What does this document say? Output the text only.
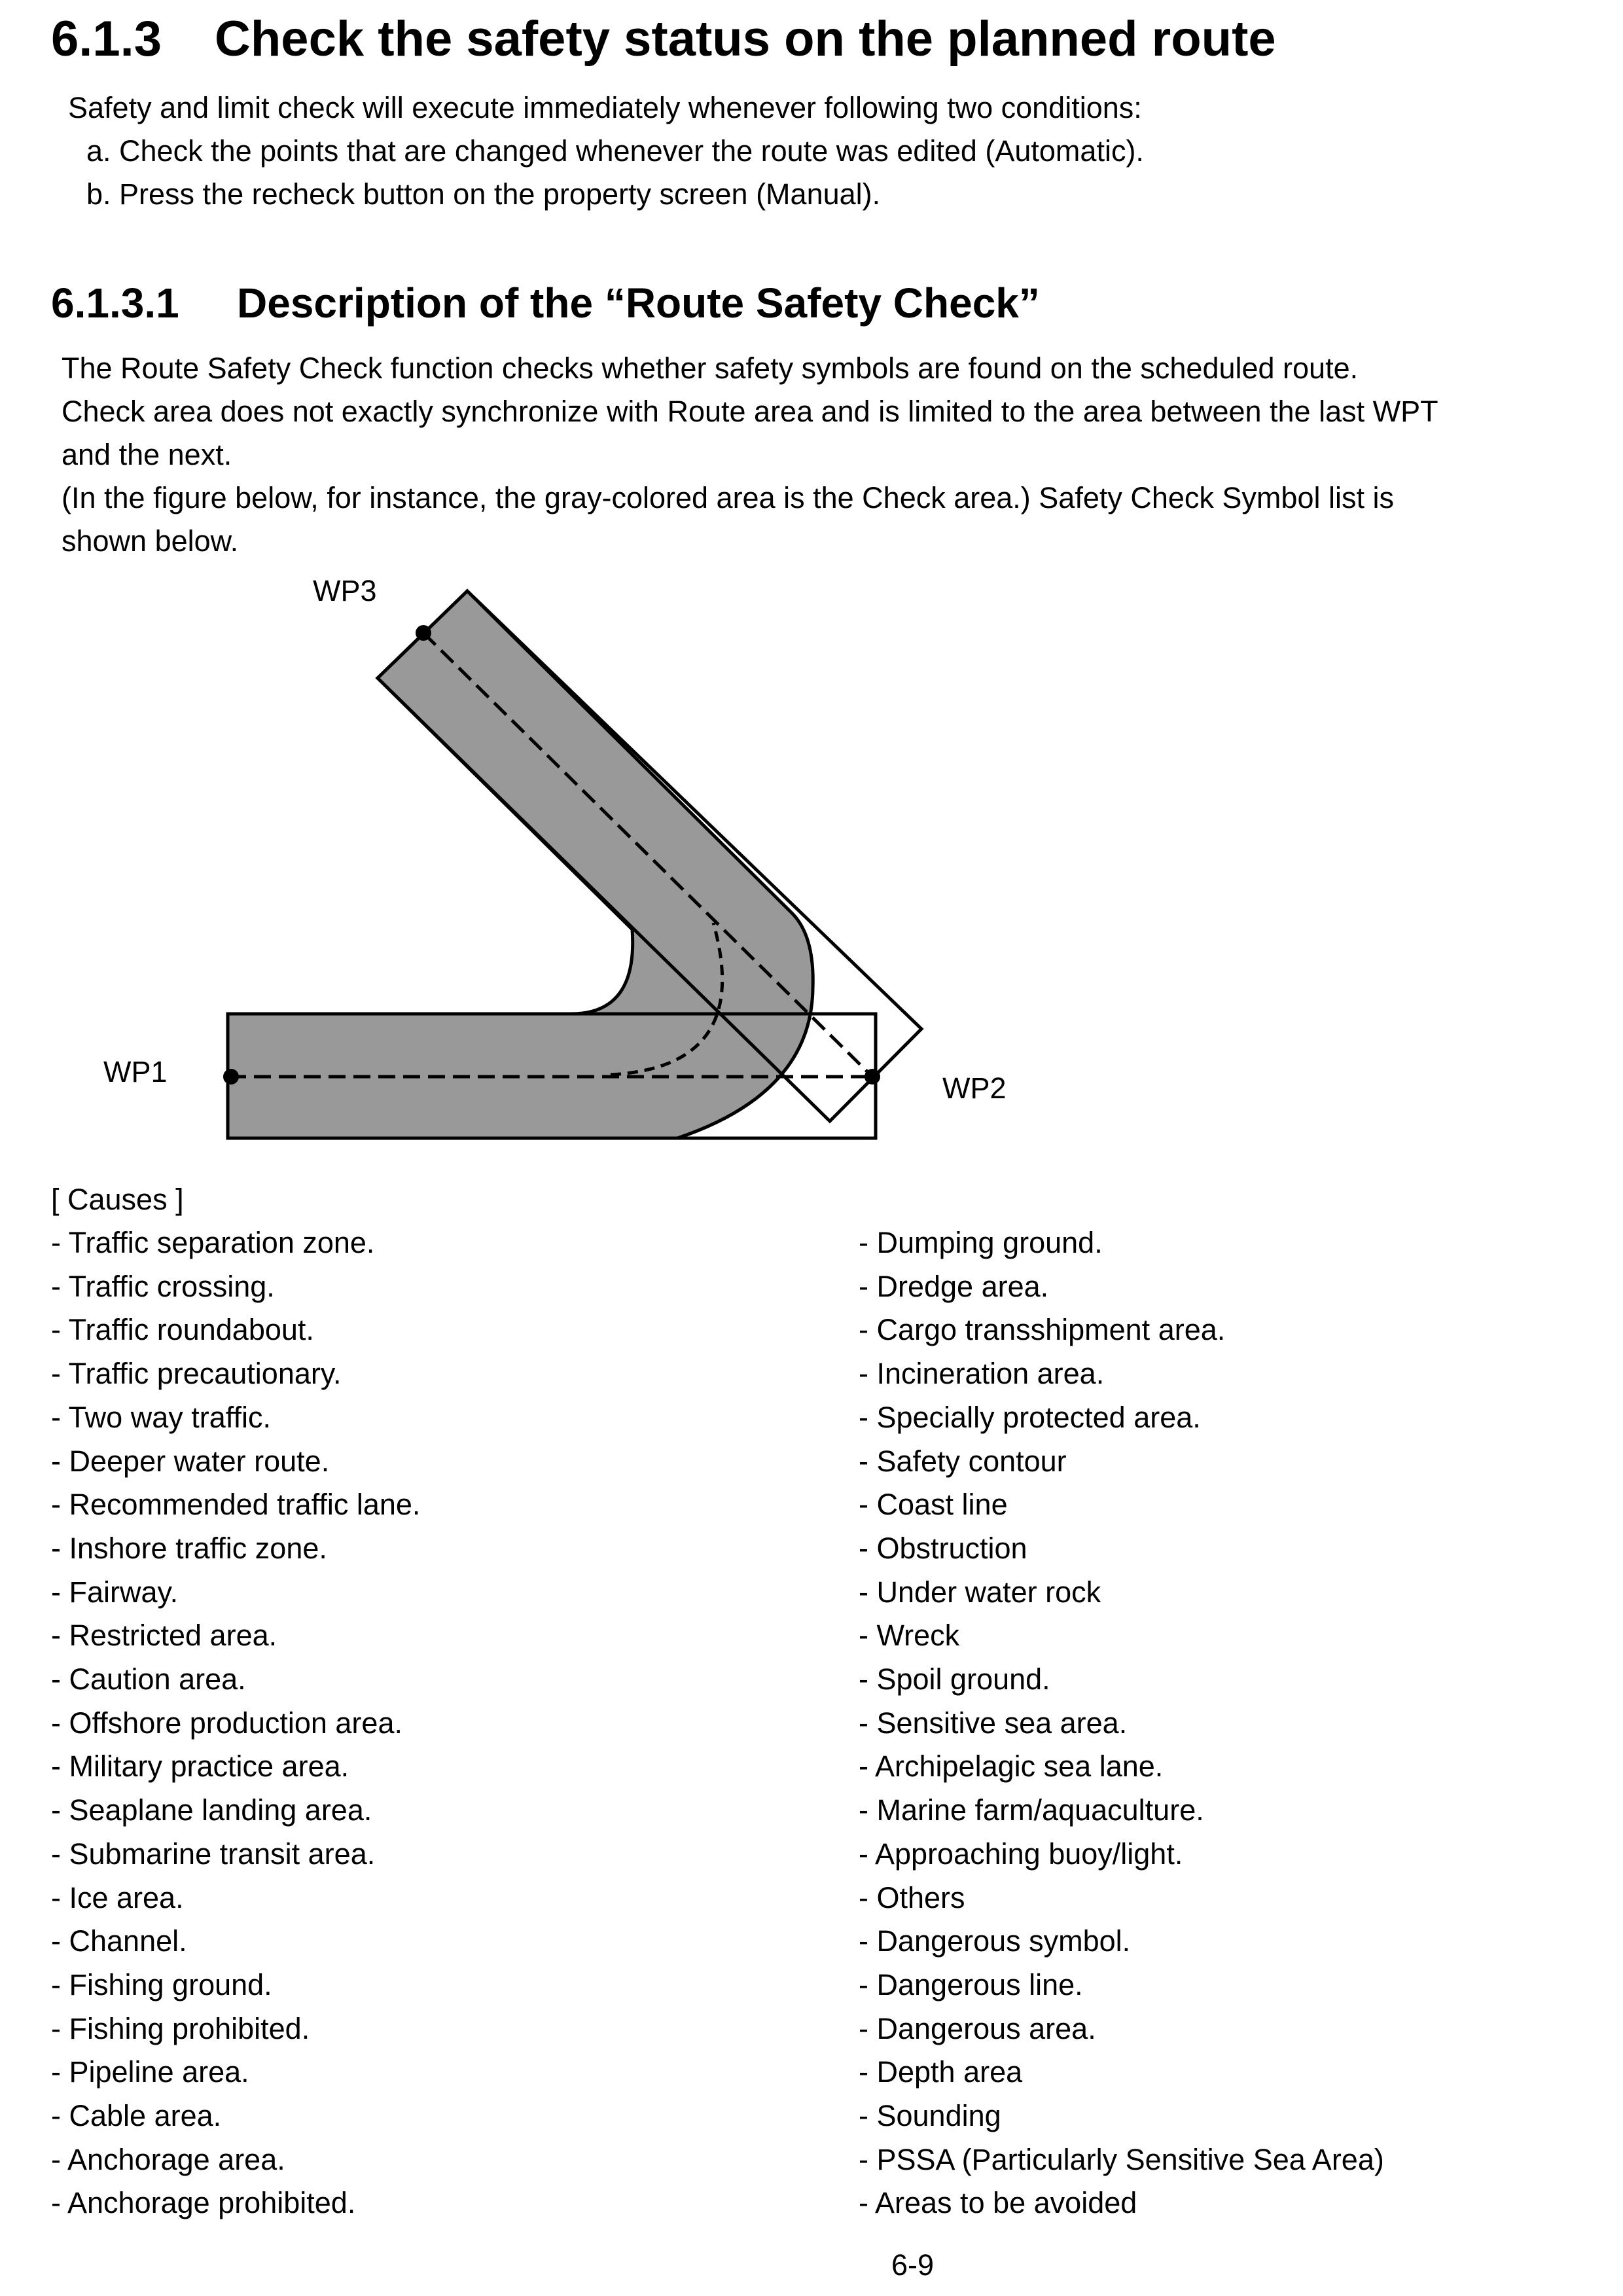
6.1.3 Check the safety status on the planned route
Safety and limit check will execute immediately whenever following two conditions:
a. Check the points that are changed whenever the route was edited (Automatic).
b. Press the recheck button on the property screen (Manual).
6.1.3.1 Description of the “Route Safety Check”
The Route Safety Check function checks whether safety symbols are found on the scheduled route.
Check area does not exactly synchronize with Route area and is limited to the area between the last WPT
and the next.
(In the figure below, for instance, the gray-colored area is the Check area.) Safety Check Symbol list is
shown below.
WP3
WP1	WP2
[ Causes ]
- Traffic separation zone.
- Traffic crossing.
- Traffic roundabout.
- Traffic precautionary.
- Two way traffic.
- Deeper water route.
- Recommended traffic lane.
- Inshore traffic zone.
- Fairway.
- Restricted area.
- Caution area.
- Offshore production area.
- Military practice area.
- Seaplane landing area.
- Submarine transit area.
- Ice area.
- Channel.
- Fishing ground.
- Fishing prohibited.
- Pipeline area.
- Cable area.
- Anchorage area.
- Anchorage prohibited.
- Dumping ground.
- Dredge area.
- Cargo transshipment area.
- Incineration area.
- Specially protected area.
- Safety contour
- Coast line
- Obstruction
- Under water rock
- Wreck
- Spoil ground.
- Sensitive sea area.
- Archipelagic sea lane.
- Marine farm/aquaculture.
- Approaching buoy/light.
- Others
- Dangerous symbol.
- Dangerous line.
- Dangerous area.
- Depth area
- Sounding
- PSSA (Particularly Sensitive Sea Area)
- Areas to be avoided
6-9
